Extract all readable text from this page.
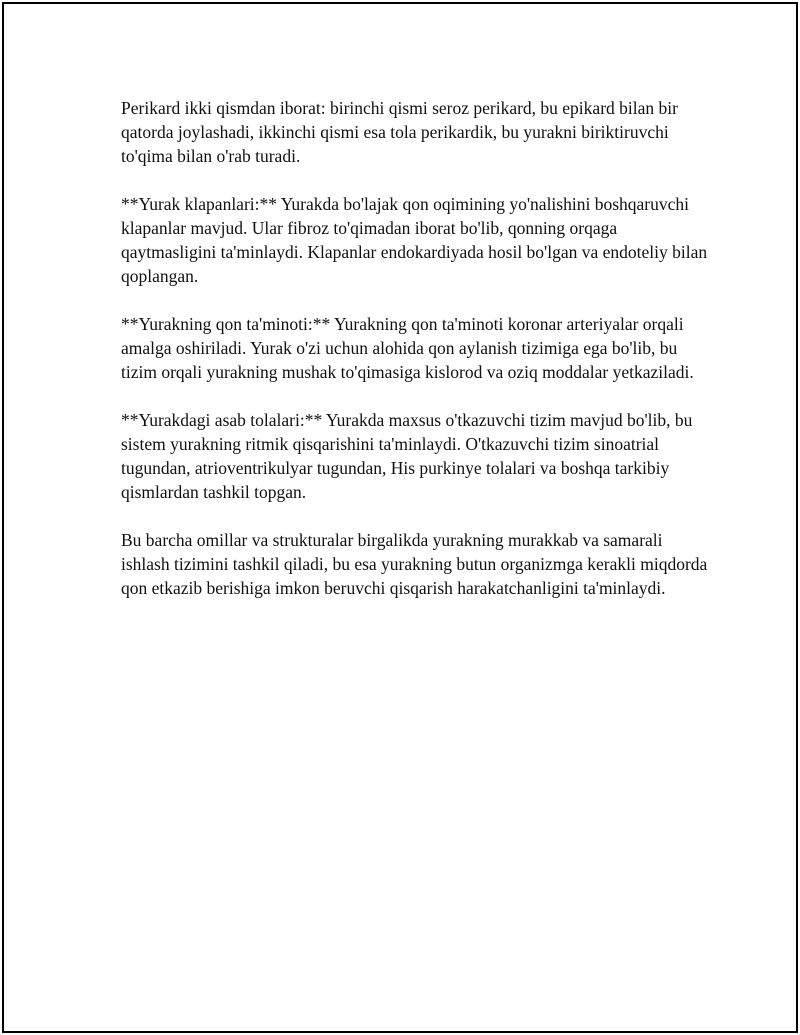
Perikard ikki qismdan iborat: birinchi qismi seroz perikard, bu epikard bilan bir qatorda joylashadi, ikkinchi qismi esa tola perikardik, bu yurakni biriktiruvchi to'qima bilan o'rab turadi.

**Yurak klapanlari:** Yurakda bo'lajak qon oqimining yo'nalishini boshqaruvchi klapanlar mavjud. Ular fibroz to'qimadan iborat bo'lib, qonning orqaga qaytmasligini ta'minlaydi. Klapanlar endokardiyada hosil bo'lgan va endoteliy bilan qoplangan.

**Yurakning qon ta'minoti:** Yurakning qon ta'minoti koronar arteriyalar orqali amalga oshiriladi. Yurak o'zi uchun alohida qon aylanish tizimiga ega bo'lib, bu tizim orqali yurakning mushak to'qimasiga kislorod va oziq moddalar yetkaziladi.

**Yurakdagi asab tolalari:** Yurakda maxsus o'tkazuvchi tizim mavjud bo'lib, bu sistem yurakning ritmik qisqarishini ta'minlaydi. O'tkazuvchi tizim sinoatrial tugundan, atrioventrikulyar tugundan, His purkinye tolalari va boshqa tarkibiy qismlardan tashkil topgan.

Bu barcha omillar va strukturalar birgalikda yurakning murakkab va samarali ishlash tizimini tashkil qiladi, bu esa yurakning butun organizmga kerakli miqdorda qon etkazib berishiga imkon beruvchi qisqarish harakatchanligini ta'minlaydi.
